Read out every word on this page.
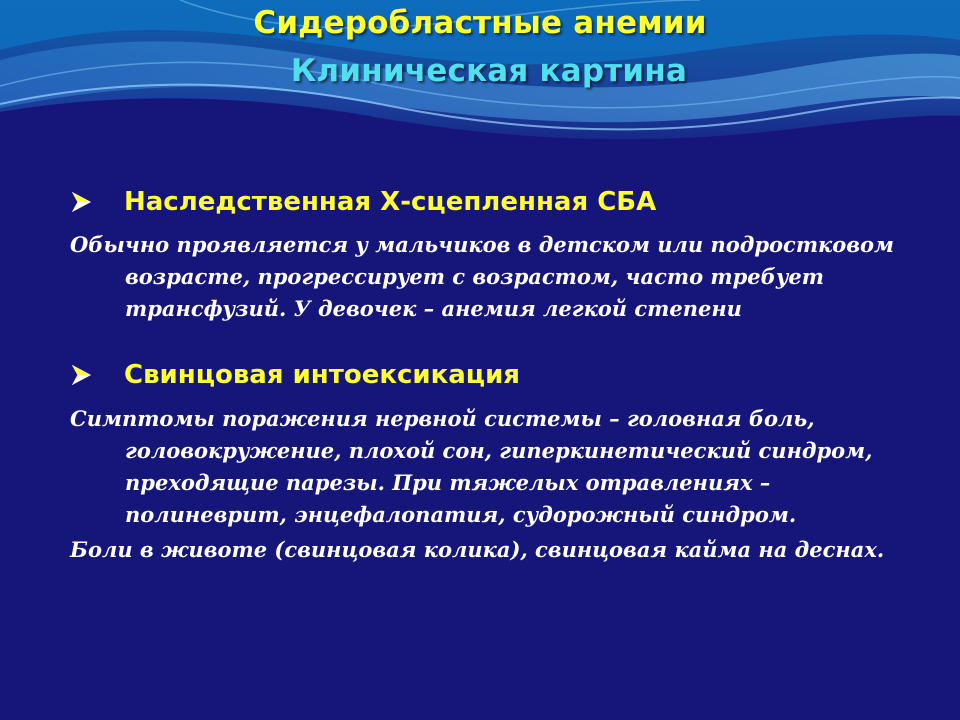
Сидеробластные анемии
Клиническая картина
Наследственная Х-сцепленная СБА
Обычно проявляется у мальчиков в детском или подростковом возрасте, прогрессирует с возрастом, часто требует трансфузий. У девочек – анемия легкой степени
Свинцовая интоексикация
Симптомы поражения нервной системы – головная боль, головокружение, плохой сон, гиперкинетический синдром, преходящие парезы. При тяжелых отравлениях – полиневрит, энцефалопатия, судорожный синдром.
Боли в животе (свинцовая колика), свинцовая кайма на деснах.
